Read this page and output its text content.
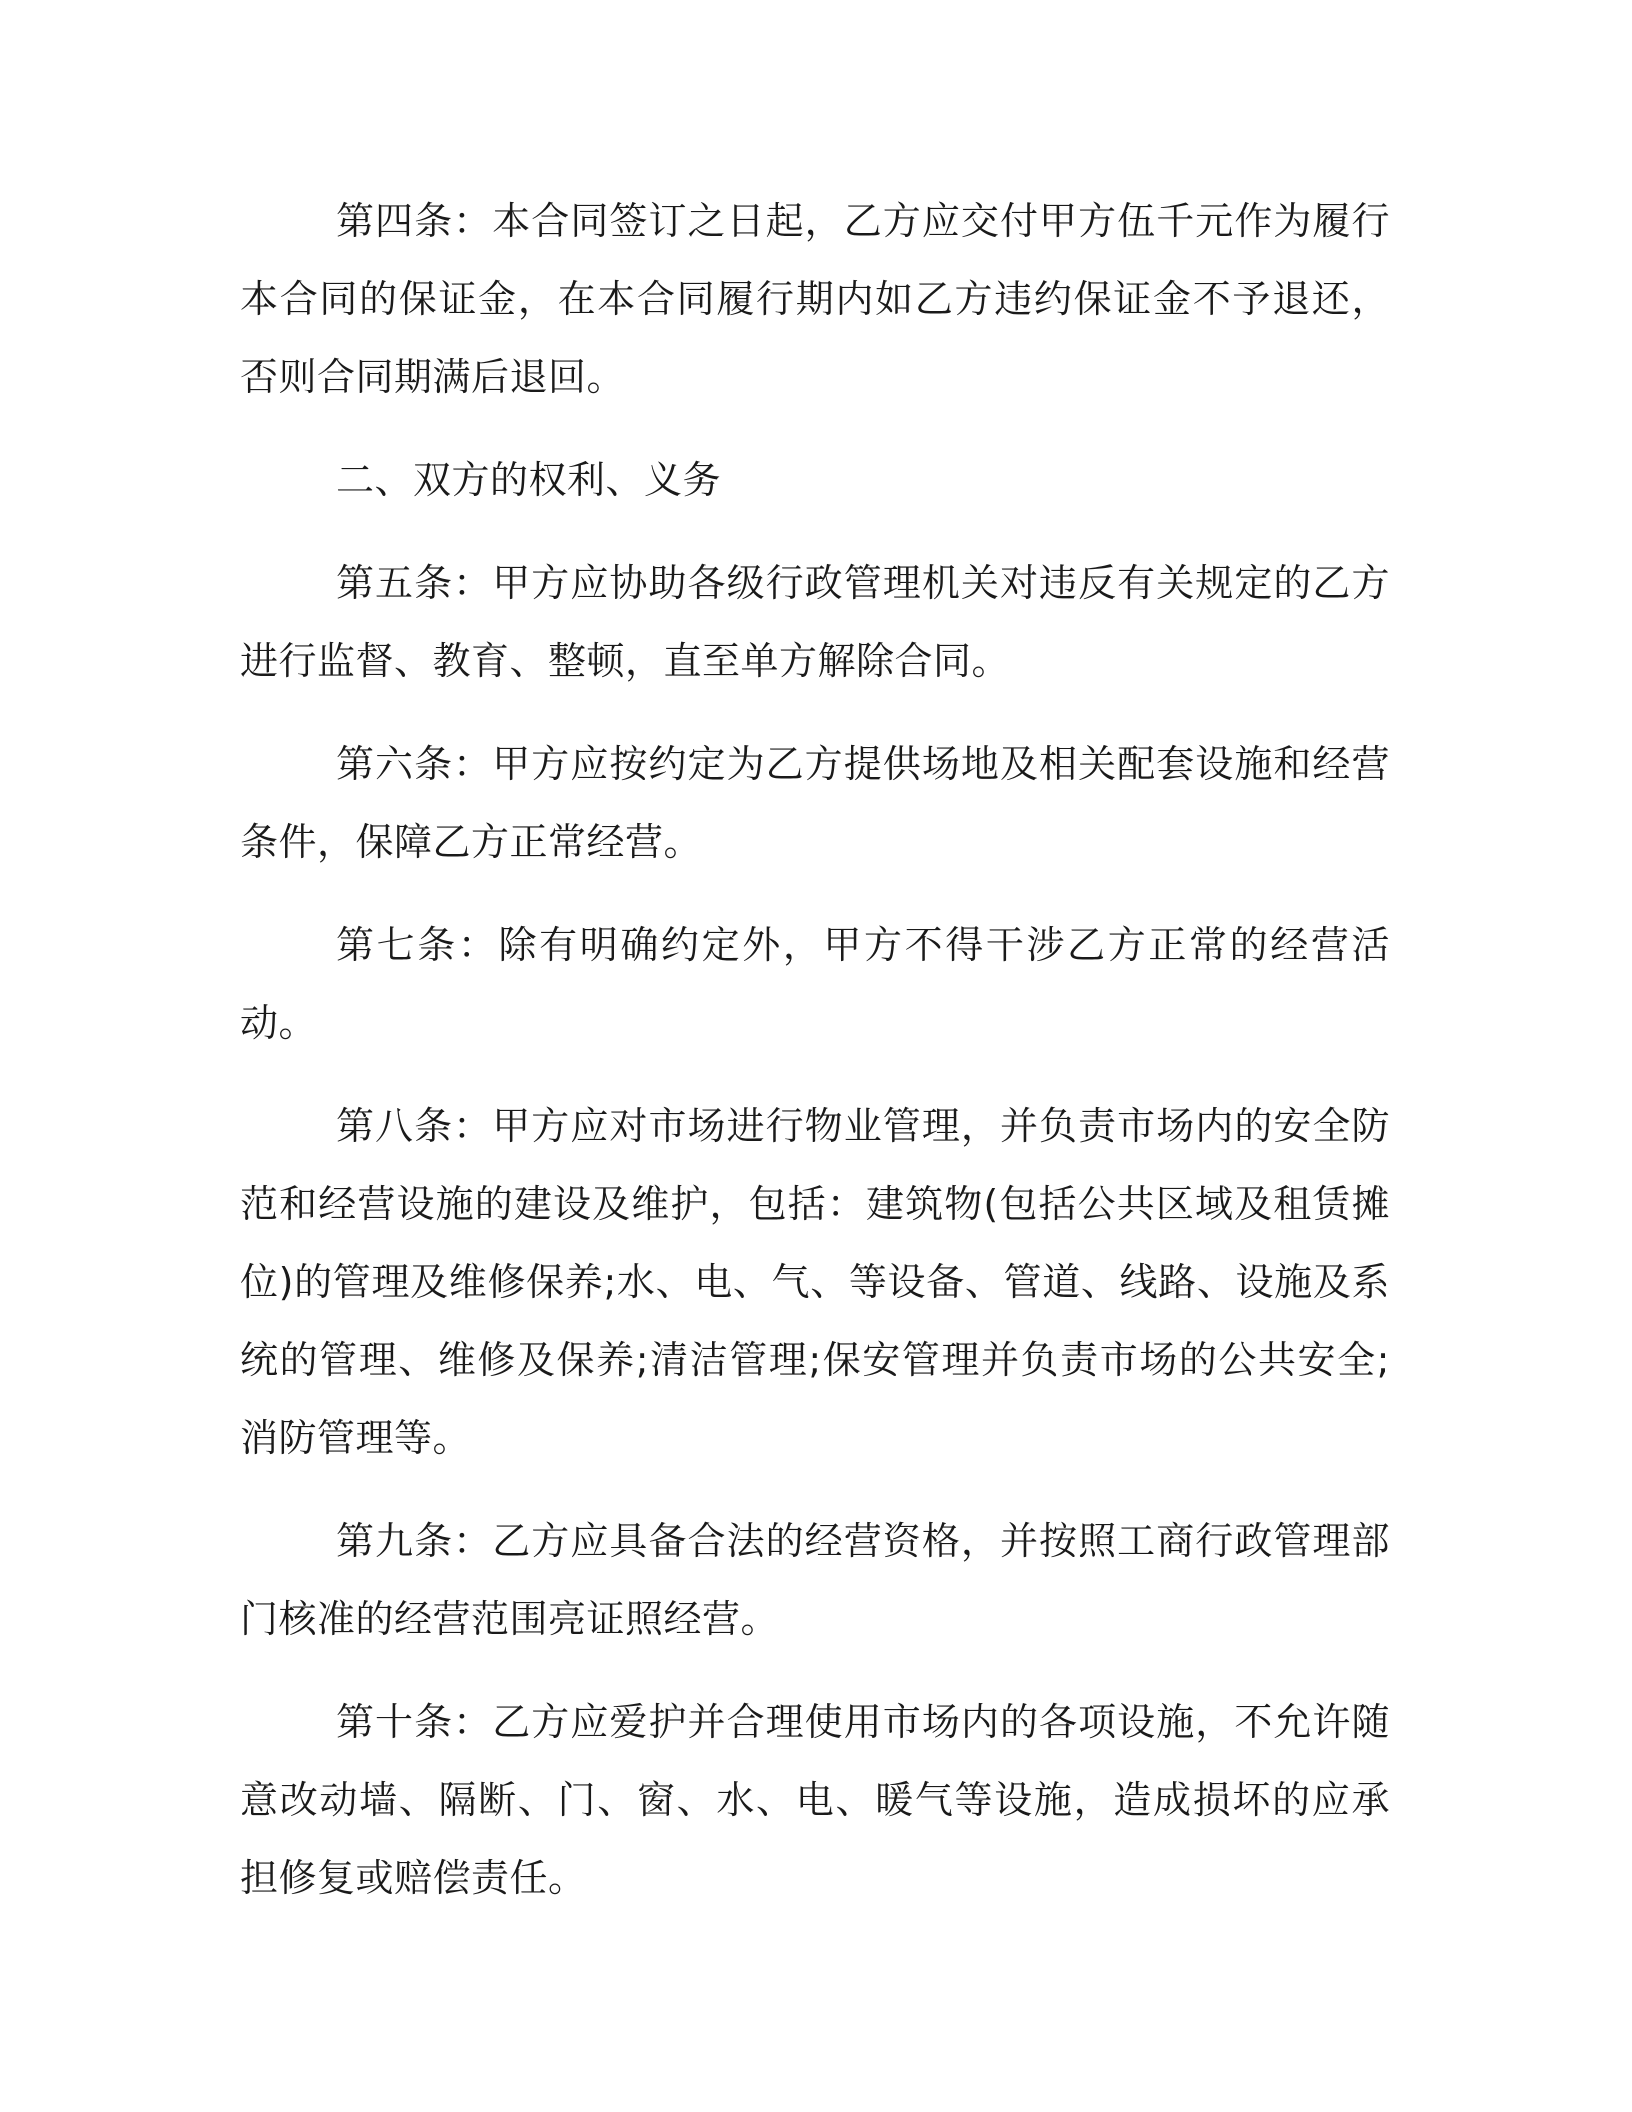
第四条：本合同签订之日起，乙方应交付甲方伍千元作为履行本合同的保证金，在本合同履行期内如乙方违约保证金不予退还，否则合同期满后退回。

二、双方的权利、义务

第五条：甲方应协助各级行政管理机关对违反有关规定的乙方进行监督、教育、整顿，直至单方解除合同。

第六条：甲方应按约定为乙方提供场地及相关配套设施和经营条件，保障乙方正常经营。

第七条：除有明确约定外，甲方不得干涉乙方正常的经营活动。

第八条：甲方应对市场进行物业管理，并负责市场内的安全防范和经营设施的建设及维护，包括：建筑物(包括公共区域及租赁摊位)的管理及维修保养;水、电、气、等设备、管道、线路、设施及系统的管理、维修及保养;清洁管理;保安管理并负责市场的公共安全;消防管理等。

第九条：乙方应具备合法的经营资格，并按照工商行政管理部门核准的经营范围亮证照经营。

第十条：乙方应爱护并合理使用市场内的各项设施，不允许随意改动墙、隔断、门、窗、水、电、暖气等设施，造成损坏的应承担修复或赔偿责任。
